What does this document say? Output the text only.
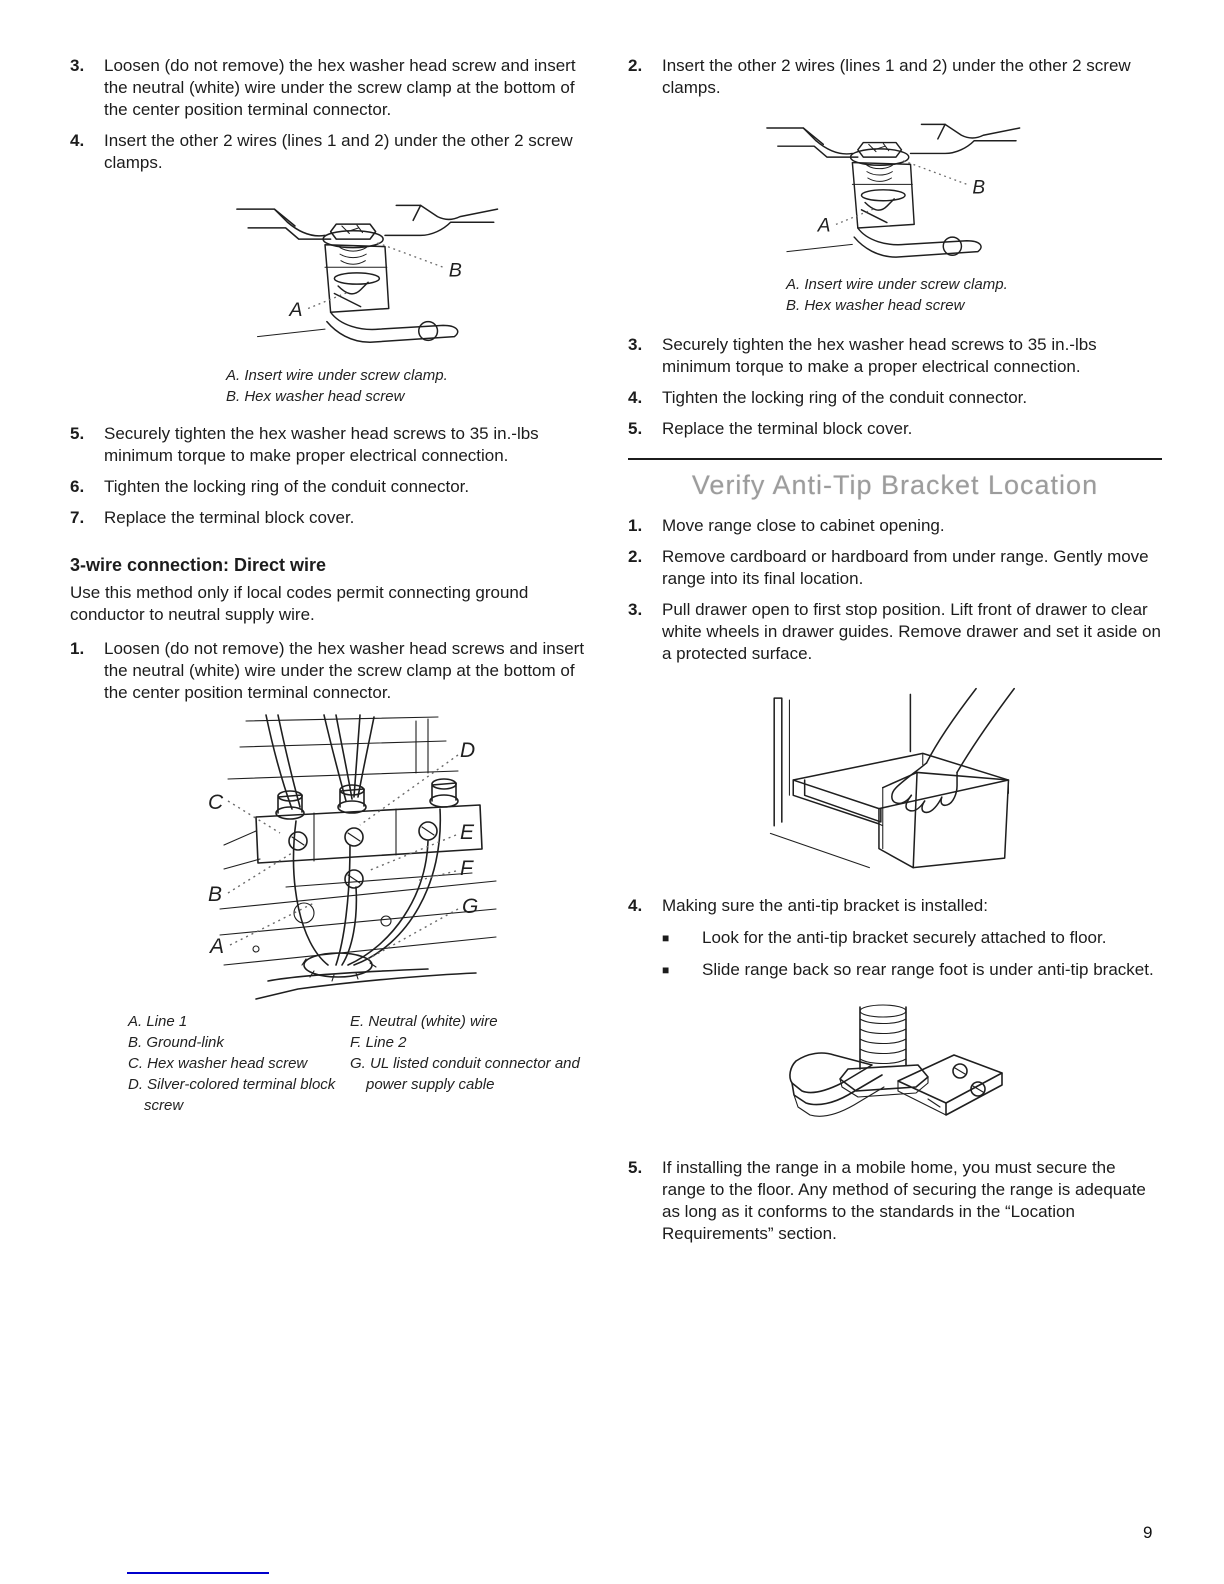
3.	Loosen (do not remove) the hex washer head screw and insert the neutral (white) wire under the screw clamp at the bottom of the center position terminal connector.
4.	Insert the other 2 wires (lines 1 and 2) under the other 2 screw clamps.
B
A
A. Insert wire under screw clamp.
B. Hex washer head screw
5.	Securely tighten the hex washer head screws to 35 in.-lbs minimum torque to make proper electrical connection.
6.	Tighten the locking ring of the conduit connector.
7.	Replace the terminal block cover.
3-wire connection: Direct wire
Use this method only if local codes permit connecting ground conductor to neutral supply wire.
1.	Loosen (do not remove) the hex washer head screws and insert the neutral (white) wire under the screw clamp at the bottom of the center position terminal connector.
C
D
E
F
B
G
A
A. Line 1
B. Ground-link
C. Hex washer head screw
D. Silver-colored terminal block screw
E. Neutral (white) wire
F. Line 2
G. UL listed conduit connector and power supply cable
2.	Insert the other 2 wires (lines 1 and 2) under the other 2 screw clamps.
B
A
A. Insert wire under screw clamp.
B. Hex washer head screw
3.	Securely tighten the hex washer head screws to 35 in.-lbs minimum torque to make a proper electrical connection.
4.	Tighten the locking ring of the conduit connector.
5.	Replace the terminal block cover.
Verify Anti-Tip Bracket Location
1.	Move range close to cabinet opening.
2.	Remove cardboard or hardboard from under range. Gently move range into its final location.
3.	Pull drawer open to first stop position. Lift front of drawer to clear white wheels in drawer guides. Remove drawer and set it aside on a protected surface.
4.	Making sure the anti-tip bracket is installed:
■	Look for the anti-tip bracket securely attached to floor.
■	Slide range back so rear range foot is under anti-tip bracket.
5.	If installing the range in a mobile home, you must secure the range to the floor. Any method of securing the range is adequate as long as it conforms to the standards in the “Location Requirements” section.
9
